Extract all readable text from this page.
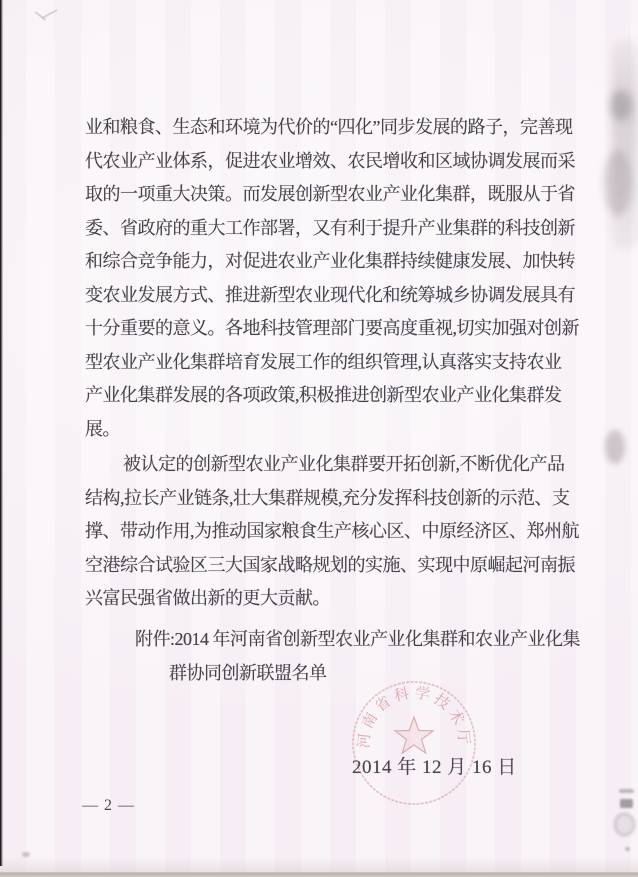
业和粮食、生态和环境为代价的“四化”同步发展的路子，完善现
代农业产业体系，促进农业增效、农民增收和区域协调发展而采
取的一项重大决策。而发展创新型农业产业化集群，既服从于省
委、省政府的重大工作部署，又有利于提升产业集群的科技创新
和综合竞争能力，对促进农业产业化集群持续健康发展、加快转
变农业发展方式、推进新型农业现代化和统筹城乡协调发展具有
十分重要的意义。各地科技管理部门要高度重视,切实加强对创新
型农业产业化集群培育发展工作的组织管理,认真落实支持农业
产业化集群发展的各项政策,积极推进创新型农业产业化集群发
展。
被认定的创新型农业产业化集群要开拓创新,不断优化产品
结构,拉长产业链条,壮大集群规模,充分发挥科技创新的示范、支
撑、带动作用,为推动国家粮食生产核心区、中原经济区、郑州航
空港综合试验区三大国家战略规划的实施、实现中原崛起河南振
兴富民强省做出新的更大贡献。
附件:2014 年河南省创新型农业产业化集群和农业产业化集
群协同创新联盟名单
河南省科学技术厅
2014 年 12 月 16 日
— 2 —
